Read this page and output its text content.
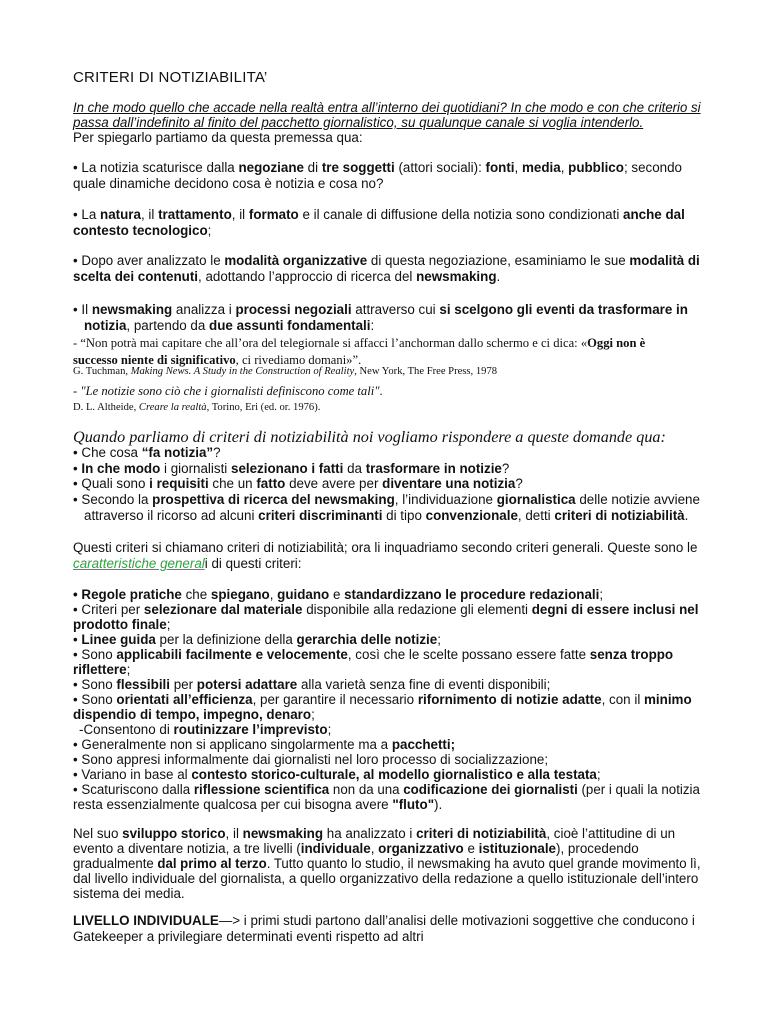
CRITERI DI NOTIZIABILITA’
In che modo quello che accade nella realtà entra all’interno dei quotidiani? In che modo e con che criterio si
passa dall’indefinito al finito del pacchetto giornalistico, su qualunque canale si voglia intenderlo.
Per spiegarlo partiamo da questa premessa qua:
• La notizia scaturisce dalla negoziane di tre soggetti (attori sociali): fonti, media, pubblico; secondo
quale dinamiche decidono cosa è notizia e cosa no?
• La natura, il trattamento, il formato e il canale di diffusione della notizia sono condizionati anche dal
contesto tecnologico;
• Dopo aver analizzato le modalità organizzative di questa negoziazione, esaminiamo le sue modalità di
scelta dei contenuti, adottando l’approccio di ricerca del newsmaking.
• Il newsmaking analizza i processi negoziali attraverso cui si scelgono gli eventi da trasformare in
notizia, partendo da due assunti fondamentali:
- “Non potrà mai capitare che all’ora del telegiornale si affacci l’anchorman dallo schermo e ci dica: «Oggi non è
successo niente di significativo, ci rivediamo domani»”.
G. Tuchman, Making News. A Study in the Construction of Reality, New York, The Free Press, 1978
- "Le notizie sono ciò che i giornalisti definiscono come tali".
D. L. Altheide, Creare la realtà, Torino, Eri (ed. or. 1976).
Quando parliamo di criteri di notiziabilità noi vogliamo rispondere a queste domande qua:
• Che cosa “fa notizia”?
• In che modo i giornalisti selezionano i fatti da trasformare in notizie?
• Quali sono i requisiti che un fatto deve avere per diventare una notizia?
• Secondo la prospettiva di ricerca del newsmaking, l’individuazione giornalistica delle notizie avviene
attraverso il ricorso ad alcuni criteri discriminanti di tipo convenzionale, detti criteri di notiziabilità.
Questi criteri si chiamano criteri di notiziabilità; ora li inquadriamo secondo criteri generali. Queste sono le
caratteristiche generali di questi criteri:
• Regole pratiche che spiegano, guidano e standardizzano le procedure redazionali;
• Criteri per selezionare dal materiale disponibile alla redazione gli elementi degni di essere inclusi nel
prodotto finale;
• Linee guida per la definizione della gerarchia delle notizie;
• Sono applicabili facilmente e velocemente, così che le scelte possano essere fatte senza troppo
riflettere;
• Sono flessibili per potersi adattare alla varietà senza fine di eventi disponibili;
• Sono orientati all’efficienza, per garantire il necessario rifornimento di notizie adatte, con il minimo
dispendio di tempo, impegno, denaro;
-Consentono di routinizzare l’imprevisto;
• Generalmente non si applicano singolarmente ma a pacchetti;
• Sono appresi informalmente dai giornalisti nel loro processo di socializzazione;
• Variano in base al contesto storico-culturale, al modello giornalistico e alla testata;
• Scaturiscono dalla riflessione scientifica non da una codificazione dei giornalisti (per i quali la notizia
resta essenzialmente qualcosa per cui bisogna avere "fluto").
Nel suo sviluppo storico, il newsmaking ha analizzato i criteri di notiziabilità, cioè l’attitudine di un
evento a diventare notizia, a tre livelli (individuale, organizzativo e istituzionale), procedendo
gradualmente dal primo al terzo. Tutto quanto lo studio, il newsmaking ha avuto quel grande movimento lì,
dal livello individuale del giornalista, a quello organizzativo della redazione a quello istituzionale dell’intero
sistema dei media.
LIVELLO INDIVIDUALE—> i primi studi partono dall’analisi delle motivazioni soggettive che conducono i
Gatekeeper a privilegiare determinati eventi rispetto ad altri
